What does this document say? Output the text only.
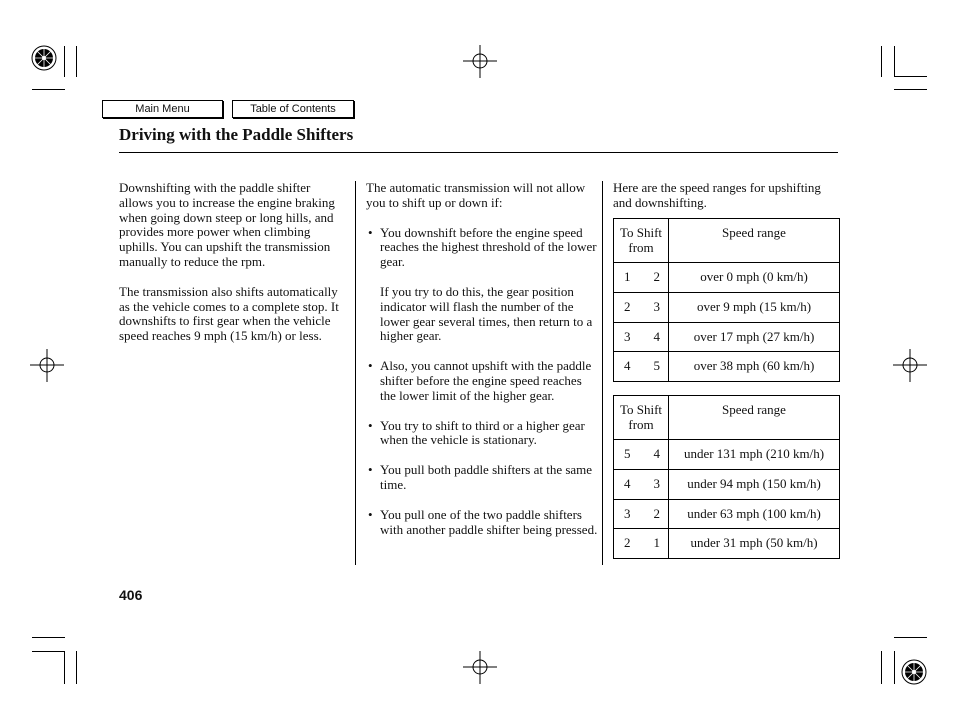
Main Menu	Table of Contents
Driving with the Paddle Shifters

Downshifting with the paddle shifter allows you to increase the engine braking when going down steep or long hills, and provides more power when climbing uphills. You can upshift the transmission manually to reduce the rpm.

The transmission also shifts automatically as the vehicle comes to a complete stop. It downshifts to first gear when the vehicle speed reaches 9 mph (15 km/h) or less.

The automatic transmission will not allow you to shift up or down if:

• You downshift before the engine speed reaches the highest threshold of the lower gear.

If you try to do this, the gear position indicator will flash the number of the lower gear several times, then return to a higher gear.

• Also, you cannot upshift with the paddle shifter before the engine speed reaches the lower limit of the higher gear.
• You try to shift to third or a higher gear when the vehicle is stationary.
• You pull both paddle shifters at the same time.
• You pull one of the two paddle shifters with another paddle shifter being pressed.

Here are the speed ranges for upshifting and downshifting.

To Shift from	Speed range

1 2	over 0 mph (0 km/h)

2 3	over 9 mph (15 km/h)

3 4	over 17 mph (27 km/h)

4 5	over 38 mph (60 km/h)
To Shift from	Speed range

5 4	under 131 mph (210 km/h)

4 3	under 94 mph (150 km/h)

3 2	under 63 mph (100 km/h)

2 1	under 31 mph (50 km/h)
406
